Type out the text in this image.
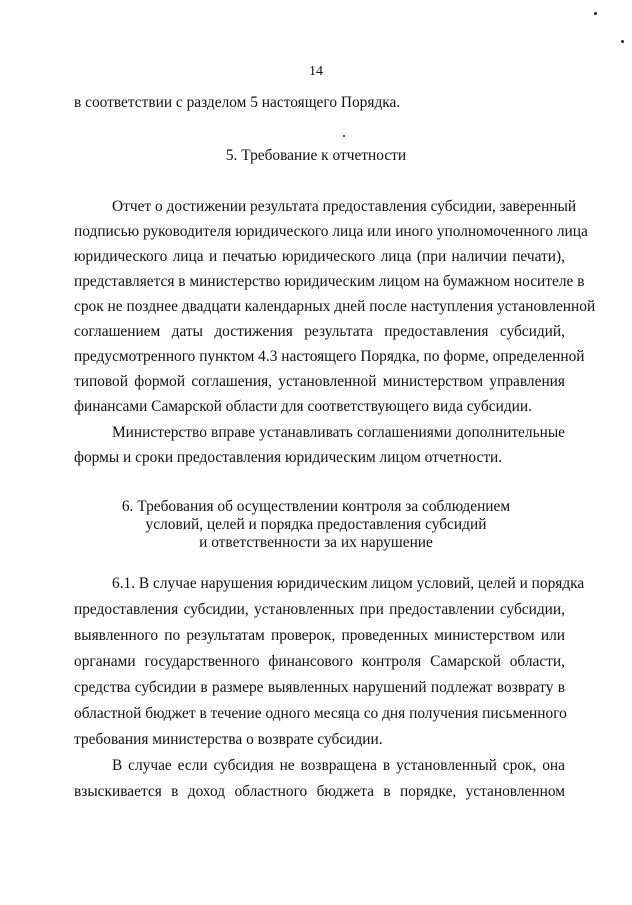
14
в соответствии с разделом 5 настоящего Порядка.
5. Требование к отчетности
Отчет о достижении результата предоставления субсидии, заверенный
подписью руководителя юридического лица или иного уполномоченного лица
юридического лица и печатью юридического лица (при наличии печати),
представляется в министерство юридическим лицом на бумажном носителе в
срок не позднее двадцати календарных дней после наступления установленной
соглашением даты достижения результата предоставления субсидий,
предусмотренного пунктом 4.3 настоящего Порядка, по форме, определенной
типовой формой соглашения, установленной министерством управления
финансами Самарской области для соответствующего вида субсидии.
Министерство вправе устанавливать соглашениями дополнительные
формы и сроки предоставления юридическим лицом отчетности.
6. Требования об осуществлении контроля за соблюдением
условий, целей и порядка предоставления субсидий
и ответственности за их нарушение
6.1. В случае нарушения юридическим лицом условий, целей и порядка
предоставления субсидии, установленных при предоставлении субсидии,
выявленного по результатам проверок, проведенных министерством или
органами государственного финансового контроля Самарской области,
средства субсидии в размере выявленных нарушений подлежат возврату в
областной бюджет в течение одного месяца со дня получения письменного
требования министерства о возврате субсидии.
В случае если субсидия не возвращена в установленный срок, она
взыскивается в доход областного бюджета в порядке, установленном
